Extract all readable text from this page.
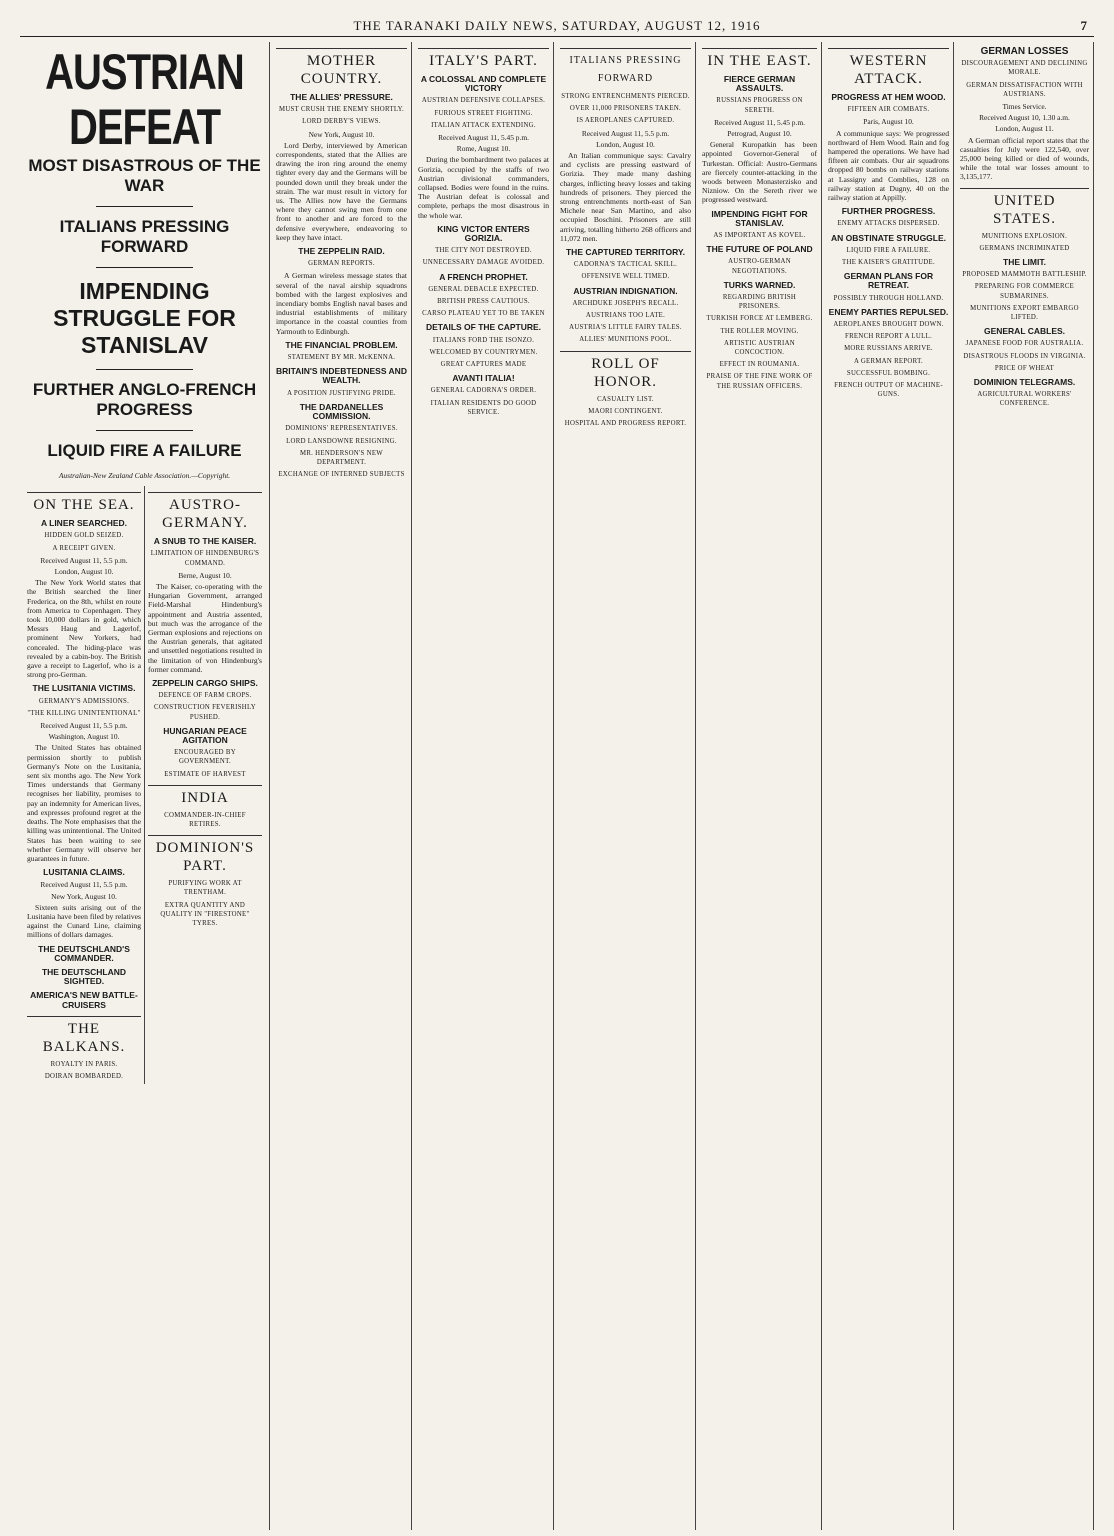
THE TARANAKI DAILY NEWS, SATURDAY, AUGUST 12, 1916	7
AUSTRIAN DEFEAT
MOST DISASTROUS OF THE WAR
ITALIANS PRESSING FORWARD
IMPENDING STRUGGLE FOR STANISLAV
FURTHER ANGLO-FRENCH PROGRESS
LIQUID FIRE A FAILURE
Australian-New Zealand Cable Association.—Copyright.
ON THE SEA.
A LINER SEARCHED.
HIDDEN GOLD SEIZED.
A RECEIPT GIVEN.
Received August 11, 5.5 p.m.
London, August 10.

The New York World states that the British searched the liner Frederica, on the 8th, whilst en route from America to Copenhagen. They took 10,000 dollars in gold, which Messrs Haug and Lagerlof, prominent New Yorkers, had concealed. The hiding-place was revealed by a cabin-boy. The British gave a receipt to Lagerlof, who is a strong pro-German.

THE LUSITANIA VICTIMS.
GERMANY'S ADMISSIONS.
"THE KILLING UNINTENTIONAL"
Received August 11, 5.5 p.m.
Washington, August 10.

The United States has obtained permission shortly to publish Germany's Note on the Lusitania, sent six months ago. The New York Times understands that Germany recognises her liability, promises to pay an indemnity for American lives, and expresses profound regret at the deaths. The Note emphasises that the killing was unintentional. The United States has been waiting to see whether Germany will observe her guarantees in future.

LUSITANIA CLAIMS.
Received August 11, 5.5 p.m.
New York, August 10.

Sixteen suits arising out of the Lusitania have been filed by relatives against the Cunard Line, claiming millions of dollars damages.

THE DEUTSCHLAND'S COMMANDER.
THE DEUTSCHLAND SIGHTED.
AMERICA'S NEW BATTLE-CRUISERS
THE BALKANS.
ROYALTY IN PARIS.
DOIRAN BOMBARDED.
AUSTRO-GERMANY.
A SNUB TO THE KAISER.
LIMITATION OF HINDENBURG'S COMMAND.
Berne, August 10.

The Kaiser, co-operating with the Hungarian Government, arranged Field-Marshal Hindenburg's appointment and Austria assented, but much was the arrogance of the German explosions and rejections on the Austrian generals, that agitated and unsettled negotiations resulted in the limitation of von Hindenburg's former command.

ZEPPELIN CARGO SHIPS.
DEFENCE OF FARM CROPS.
CONSTRUCTION FEVERISHLY PUSHED.
HUNGARIAN PEACE AGITATION
ENCOURAGED BY GOVERNMENT.
ESTIMATE OF HARVEST
INDIA
COMMANDER-IN-CHIEF RETIRES.
DOMINION'S PART.
PURIFYING WORK AT TRENTHAM.
EXTRA QUANTITY AND QUALITY IN "FIRESTONE" TYRES.
MOTHER COUNTRY.
THE ALLIES' PRESSURE.
MUST CRUSH THE ENEMY SHORTLY.
LORD DERBY'S VIEWS.
New York, August 10.

Lord Derby, interviewed by American correspondents, stated that the Allies are drawing the iron ring around the enemy tighter every day and the Germans will be pounded down until they break under the strain. The war must result in victory for us. The Allies now have the Germans where they cannot swing men from one front to another and are forced to the defensive everywhere, endeavoring to keep they have intact.

THE ZEPPELIN RAID.
GERMAN REPORTS.

A German wireless message states that several of the naval airship squadrons bombed with the largest explosives and incendiary bombs English naval bases and industrial establishments of military importance in the coastal counties from Yarmouth to Edinburgh.

THE FINANCIAL PROBLEM.
STATEMENT BY MR. McKENNA.
BRITAIN'S INDEBTEDNESS AND WEALTH.
A POSITION JUSTIFYING PRIDE.
THE DARDANELLES COMMISSION.
DOMINIONS' REPRESENTATIVES.
LORD LANSDOWNE RESIGNING.
MR. HENDERSON'S NEW DEPARTMENT.
EXCHANGE OF INTERNED SUBJECTS
ITALY'S PART.
A COLOSSAL AND COMPLETE VICTORY
AUSTRIAN DEFENSIVE COLLAPSES.
FURIOUS STREET FIGHTING.
ITALIAN ATTACK EXTENDING.
Received August 11, 5.45 p.m.
Rome, August 10.

During the bombardment two palaces at Gorizia, occupied by the staffs of two Austrian divisional commanders, collapsed. Bodies were found in the ruins. The Austrian defeat is colossal and complete, perhaps the most disastrous in the whole war.

KING VICTOR ENTERS GORIZIA.
THE CITY NOT DESTROYED.
UNNECESSARY DAMAGE AVOIDED.
A FRENCH PROPHET.
GENERAL DEBACLE EXPECTED.
BRITISH PRESS CAUTIOUS.
CARSO PLATEAU YET TO BE TAKEN
DETAILS OF THE CAPTURE.
ITALIANS FORD THE ISONZO.
WELCOMED BY COUNTRYMEN.
GREAT CAPTURES MADE
AVANTI ITALIA!
GENERAL CADORNA'S ORDER.
ITALIAN RESIDENTS DO GOOD SERVICE.
ITALIANS PRESSING FORWARD
STRONG ENTRENCHMENTS PIERCED.
OVER 11,000 PRISONERS TAKEN.
IS AEROPLANES CAPTURED.
Received August 11, 5.5 p.m.
London, August 10.

An Italian communique says: Cavalry and cyclists are pressing eastward of Gorizia. They made many dashing charges, inflicting heavy losses and taking hundreds of prisoners. They pierced the strong entrenchments north-east of San Michele near San Martino, and also occupied Boschini. Prisoners are still arriving, totalling hitherto 268 officers and 11,072 men.

THE CAPTURED TERRITORY.
CADORNA'S TACTICAL SKILL.
OFFENSIVE WELL TIMED.
AUSTRIAN INDIGNATION.
ARCHDUKE JOSEPH'S RECALL.
AUSTRIANS TOO LATE.
AUSTRIA'S LITTLE FAIRY TALES.
ALLIES' MUNITIONS POOL.
ROLL OF HONOR.
CASUALTY LIST.
MAORI CONTINGENT.
HOSPITAL AND PROGRESS REPORT.
IN THE EAST.
FIERCE GERMAN ASSAULTS.
RUSSIANS PROGRESS ON SERETH.
Received August 11, 5.45 p.m.
Petrograd, August 10.

General Kuropatkin has been appointed Governor-General of Turkestan. Official: Austro-Germans are fiercely counter-attacking in the woods between Monasterzisko and Nizniow. On the Sereth river we progressed westward.

IMPENDING FIGHT FOR STANISLAV.
AS IMPORTANT AS KOVEL.
THE FUTURE OF POLAND
AUSTRO-GERMAN NEGOTIATIONS.
TURKS WARNED.
REGARDING BRITISH PRISONERS.
TURKISH FORCE AT LEMBERG.
THE ROLLER MOVING.
ARTISTIC AUSTRIAN CONCOCTION.
EFFECT IN ROUMANIA.
PRAISE OF THE FINE WORK OF THE RUSSIAN OFFICERS.
WESTERN ATTACK.
PROGRESS AT HEM WOOD.
FIFTEEN AIR COMBATS.
Paris, August 10.

A communique says: We progressed northward of Hem Wood. Rain and fog hampered the operations. We have had fifteen air combats. Our air squadrons dropped 80 bombs on railway stations at Lassigny and Comblies, 128 on railway station at Dugny, 40 on the railway station at Appilly.

FURTHER PROGRESS.
ENEMY ATTACKS DISPERSED.
AN OBSTINATE STRUGGLE.
LIQUID FIRE A FAILURE.
THE KAISER'S GRATITUDE.
GERMAN PLANS FOR RETREAT.
POSSIBLY THROUGH HOLLAND.
ENEMY PARTIES REPULSED.
AEROPLANES BROUGHT DOWN.
FRENCH REPORT A LULL.
MORE RUSSIANS ARRIVE.
A GERMAN REPORT.
SUCCESSFUL BOMBING.
FRENCH OUTPUT OF MACHINE-GUNS.
GERMAN LOSSES
DISCOURAGEMENT AND DECLINING MORALE.
GERMAN DISSATISFACTION WITH AUSTRIANS.
Times Service.
Received August 10, 1.30 a.m.
London, August 11.

A German official report states that the casualties for July were 122,540, over 25,000 being killed or died of wounds, while the total war losses amount to 3,135,177.

UNITED STATES.
MUNITIONS EXPLOSION.
GERMANS INCRIMINATED
THE LIMIT.
PROPOSED MAMMOTH BATTLESHIP.
PREPARING FOR COMMERCE SUBMARINES.
MUNITIONS EXPORT EMBARGO LIFTED.
GENERAL CABLES.
JAPANESE FOOD FOR AUSTRALIA.
DISASTROUS FLOODS IN VIRGINIA.
PRICE OF WHEAT
DOMINION TELEGRAMS.
AGRICULTURAL WORKERS' CONFERENCE.
